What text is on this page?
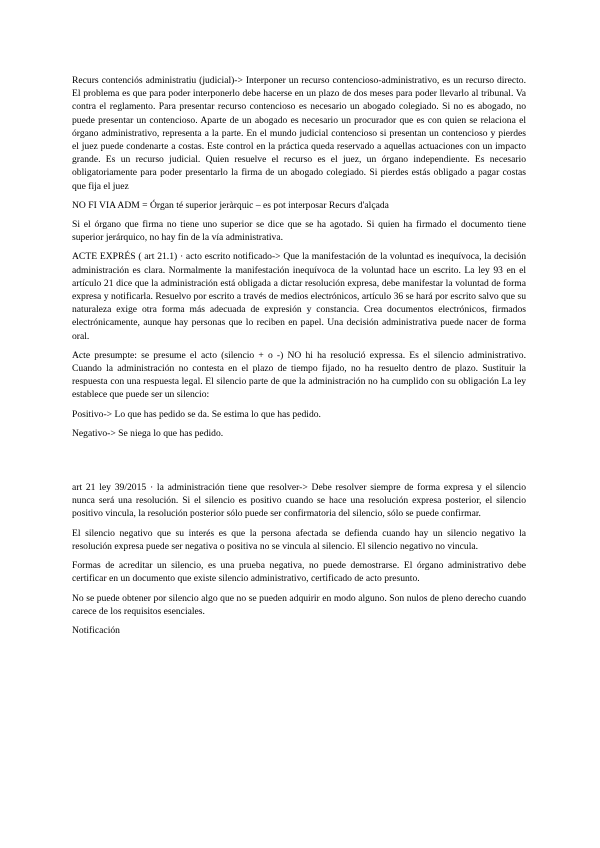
Recurs contenciós administratiu (judicial)-> Interponer un recurso contencioso-administrativo, es un recurso directo. El problema es que para poder interponerlo debe hacerse en un plazo de dos meses para poder llevarlo al tribunal. Va contra el reglamento. Para presentar recurso contencioso es necesario un abogado colegiado. Si no es abogado, no puede presentar un contencioso. Aparte de un abogado es necesario un procurador que es con quien se relaciona el órgano administrativo, representa a la parte. En el mundo judicial contencioso si presentan un contencioso y pierdes el juez puede condenarte a costas. Este control en la práctica queda reservado a aquellas actuaciones con un impacto grande. Es un recurso judicial. Quien resuelve el recurso es el juez, un órgano independiente. Es necesario obligatoriamente para poder presentarlo la firma de un abogado colegiado. Si pierdes estás obligado a pagar costas que fija el juez

NO FI VIA ADM = Órgan té superior jeràrquic – es pot interposar Recurs d'alçada

Si el órgano que firma no tiene uno superior se dice que se ha agotado. Si quien ha firmado el documento tiene superior jerárquico, no hay fin de la vía administrativa.

ACTE EXPRÉS ( art 21.1) · acto escrito notificado-> Que la manifestación de la voluntad es inequívoca, la decisión administración es clara. Normalmente la manifestación inequívoca de la voluntad hace un escrito. La ley 93 en el artículo 21 dice que la administración está obligada a dictar resolución expresa, debe manifestar la voluntad de forma expresa y notificarla. Resuelvo por escrito a través de medios electrónicos, artículo 36 se hará por escrito salvo que su naturaleza exige otra forma más adecuada de expresión y constancia. Crea documentos electrónicos, firmados electrónicamente, aunque hay personas que lo reciben en papel. Una decisión administrativa puede nacer de forma oral.

Acte presumpte: se presume el acto (silencio + o -) NO hi ha resolució expressa. Es el silencio administrativo. Cuando la administración no contesta en el plazo de tiempo fijado, no ha resuelto dentro de plazo. Sustituir la respuesta con una respuesta legal. El silencio parte de que la administración no ha cumplido con su obligación La ley establece que puede ser un silencio:

Positivo-> Lo que has pedido se da. Se estima lo que has pedido.

Negativo-> Se niega lo que has pedido.

art 21 ley 39/2015 · la administración tiene que resolver-> Debe resolver siempre de forma expresa y el silencio nunca será una resolución. Si el silencio es positivo cuando se hace una resolución expresa posterior, el silencio positivo vincula, la resolución posterior sólo puede ser confirmatoria del silencio, sólo se puede confirmar.

El silencio negativo que su interés es que la persona afectada se defienda cuando hay un silencio negativo la resolución expresa puede ser negativa o positiva no se vincula al silencio. El silencio negativo no vincula.

Formas de acreditar un silencio, es una prueba negativa, no puede demostrarse. El órgano administrativo debe certificar en un documento que existe silencio administrativo, certificado de acto presunto.

No se puede obtener por silencio algo que no se pueden adquirir en modo alguno. Son nulos de pleno derecho cuando carece de los requisitos esenciales.

Notificación
